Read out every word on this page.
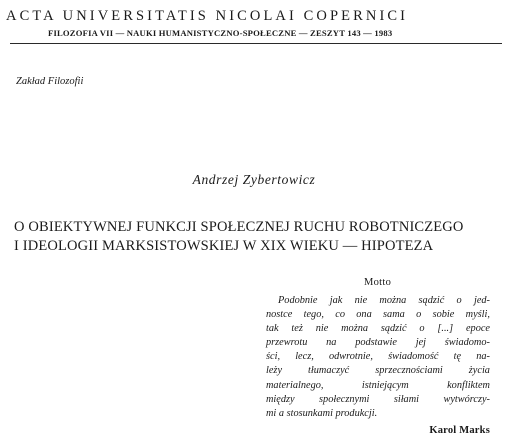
ACTA UNIVERSITATIS NICOLAI COPERNICI
FILOZOFIA VII — NAUKI HUMANISTYCZNO-SPOŁECZNE — ZESZYT 143 — 1983
Zakład Filozofii
Andrzej Zybertowicz
O OBIEKTYWNEJ FUNKCJI SPOŁECZNEJ RUCHU ROBOTNICZEGO
I IDEOLOGII MARKSISTOWSKIEJ W XIX WIEKU — HIPOTEZA
Motto
Podobnie jak nie można sądzić o jed-
nostce tego, co ona sama o sobie myśli,
tak też nie można sądzić o [...] epoce
przewrotu na podstawie jej świadomo-
ści, lecz, odwrotnie, świadomość tę na-
leży	tłumaczyć	sprzecznościami	życia
materialnego,	istniejącym	konfliktem
między społecznymi siłami wytwórczy-
mi a stosunkami produkcji.
Karol Marks
